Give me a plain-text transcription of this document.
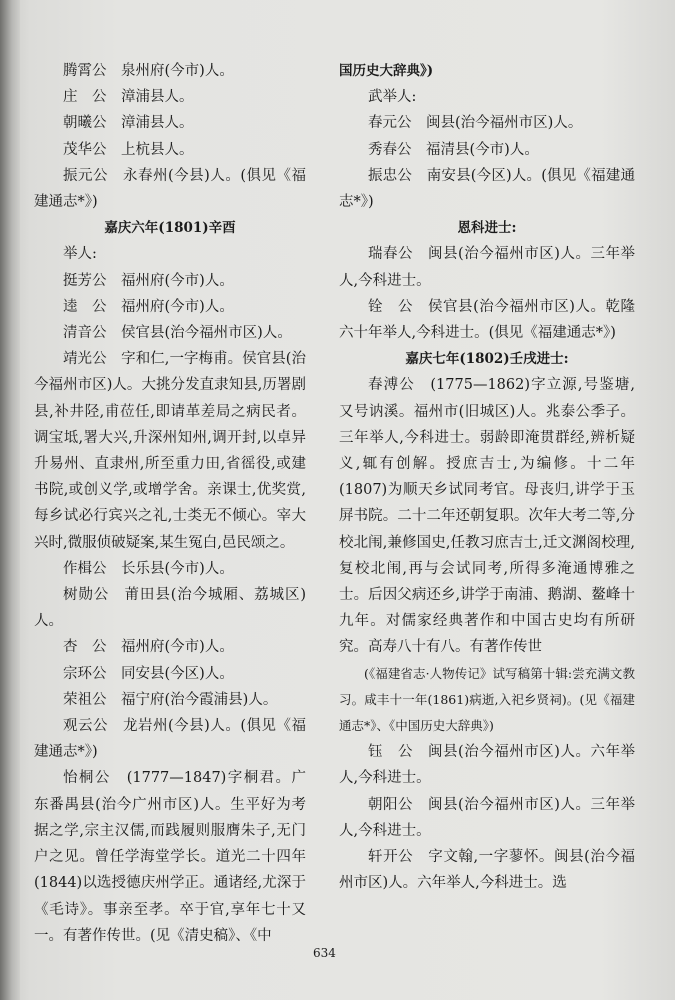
腾霄公　泉州府(今市)人。

庄　公　漳浦县人。

朝曦公　漳浦县人。

茂华公　上杭县人。

振元公　永春州(今县)人。(俱见《福建通志*》)

嘉庆六年(1801)辛酉

举人:

挺芳公　福州府(今市)人。

逵　公　福州府(今市)人。

清音公　侯官县(治今福州市区)人。

靖光公　字和仁,一字梅甫。侯官县(治今福州市区)人。大挑分发直隶知县,历署剧县,补井陉,甫莅任,即请革差局之病民者。调宝坻,署大兴,升深州知州,调开封,以卓异升易州、直隶州,所至重力田,省徭役,或建书院,或创义学,或增学舍。亲课士,优奖赏,每乡试必行宾兴之礼,士类无不倾心。宰大兴时,微服侦破疑案,某生冤白,邑民颂之。

作楫公　长乐县(今市)人。

树勋公　莆田县(治今城厢、荔城区)人。

杏　公　福州府(今市)人。

宗环公　同安县(今区)人。

荣祖公　福宁府(治今霞浦县)人。

观云公　龙岩州(今县)人。(俱见《福建通志*》)

怡桐公　(1777—1847)字桐君。广东番禺县(治今广州市区)人。生平好为考据之学,宗主汉儒,而践履则服膺朱子,无门户之见。曾任学海堂学长。道光二十四年(1844)以选授德庆州学正。通诸经,尤深于《毛诗》。事亲至孝。卒于官,享年七十又一。有著作传世。(见《清史稿》、《中

国历史大辞典》)

武举人:

春元公　闽县(治今福州市区)人。

秀春公　福清县(今市)人。

振忠公　南安县(今区)人。(俱见《福建通志*》)

恩科进士:

瑞春公　闽县(治今福州市区)人。三年举人,今科进士。

铨　公　侯官县(治今福州市区)人。乾隆六十年举人,今科进士。(俱见《福建通志*》)

嘉庆七年(1802)壬戌进士:

春溥公　(1775—1862)字立源,号鉴塘,又号讷溪。福州市(旧城区)人。兆泰公季子。三年举人,今科进士。弱龄即淹贯群经,辨析疑义,辄有创解。授庶吉士,为编修。十二年(1807)为顺天乡试同考官。母丧归,讲学于玉屏书院。二十二年还朝复职。次年大考二等,分校北闱,兼修国史,任教习庶吉士,迁文渊阁校理,复校北闱,再与会试同考,所得多淹通博雅之士。后因父病还乡,讲学于南浦、鹅湖、鳌峰十九年。对儒家经典著作和中国古史均有所研究。高寿八十有八。有著作传世

(《福建省志·人物传记》试写稿第十辑:尝充满文教习。咸丰十一年(1861)病逝,入祀乡贤祠)。(见《福建通志*》、《中国历史大辞典》)

钰　公　闽县(治今福州市区)人。六年举人,今科进士。

朝阳公　闽县(治今福州市区)人。三年举人,今科进士。

轩开公　字文翰,一字蓼怀。闽县(治今福州市区)人。六年举人,今科进士。选

634
